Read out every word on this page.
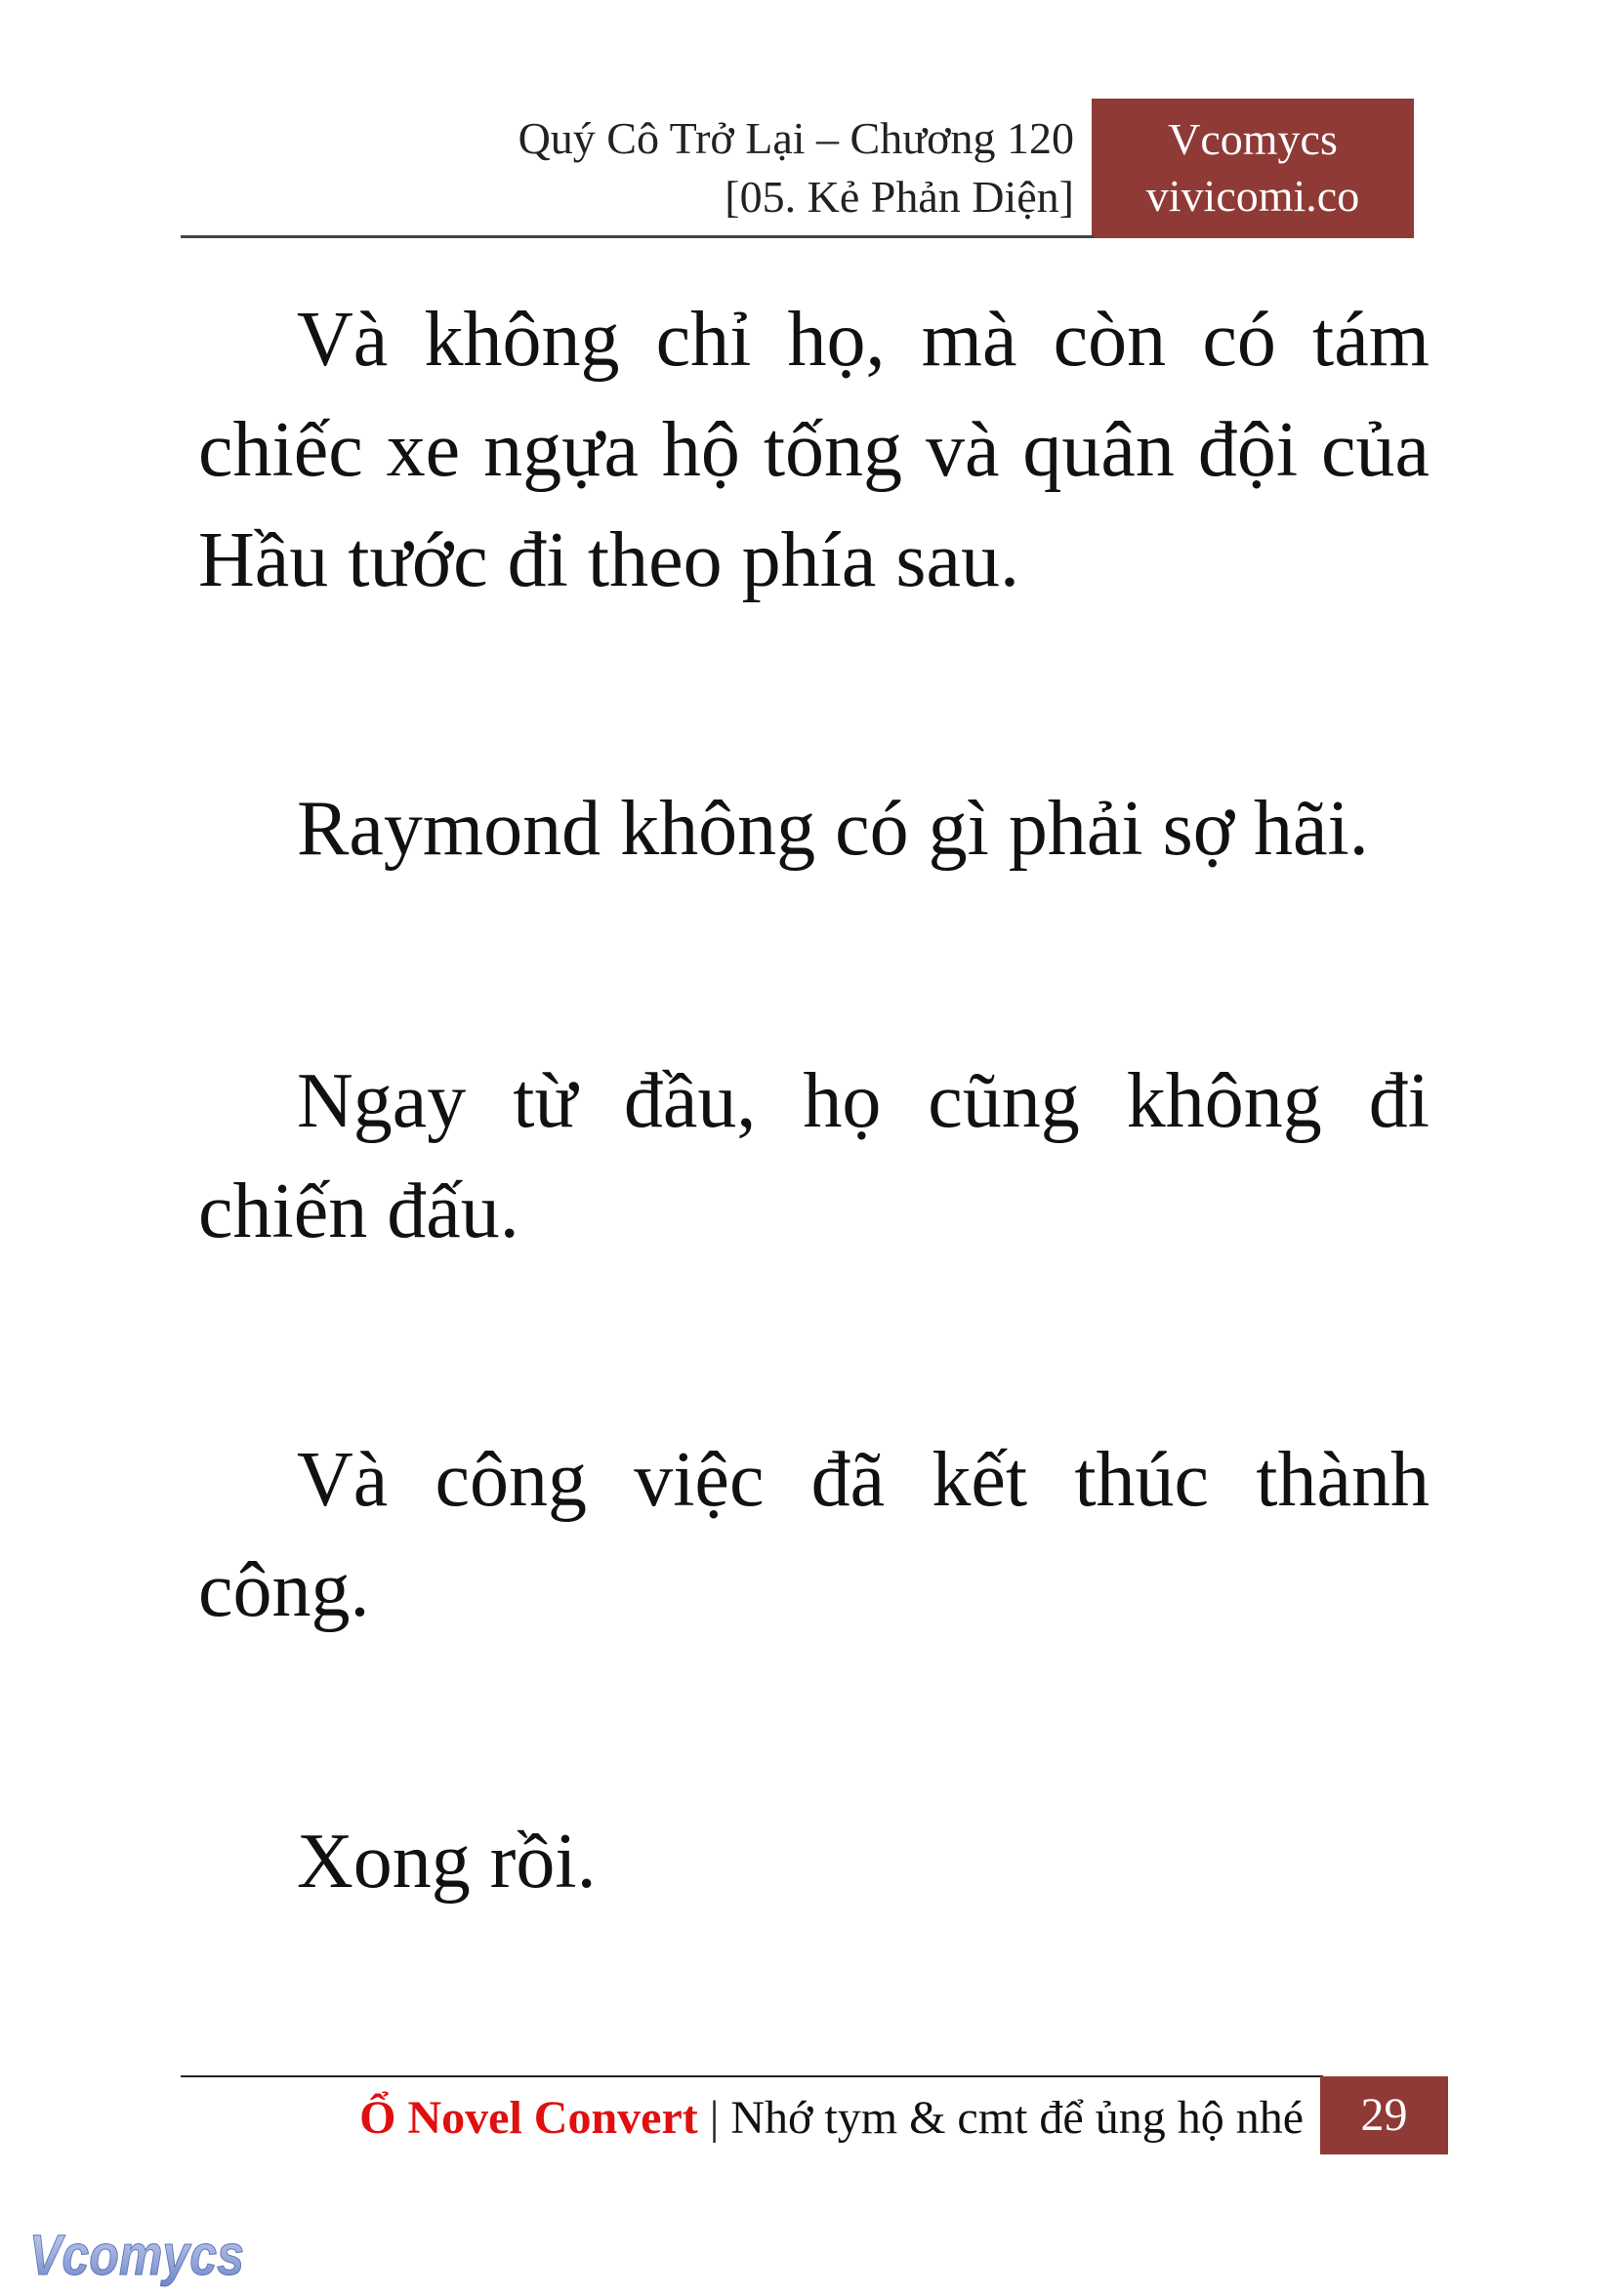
Quý Cô Trở Lại – Chương 120
[05. Kẻ Phản Diện]
Vcomycs
vivicomi.co

Và không chỉ họ, mà còn có tám chiếc xe ngựa hộ tống và quân đội của Hầu tước đi theo phía sau.

Raymond không có gì phải sợ hãi.

Ngay từ đầu, họ cũng không đi chiến đấu.

Và công việc đã kết thúc thành công.

Xong rồi.

Ổ Novel Convert | Nhớ tym & cmt để ủng hộ nhé	29
Vcomycs
